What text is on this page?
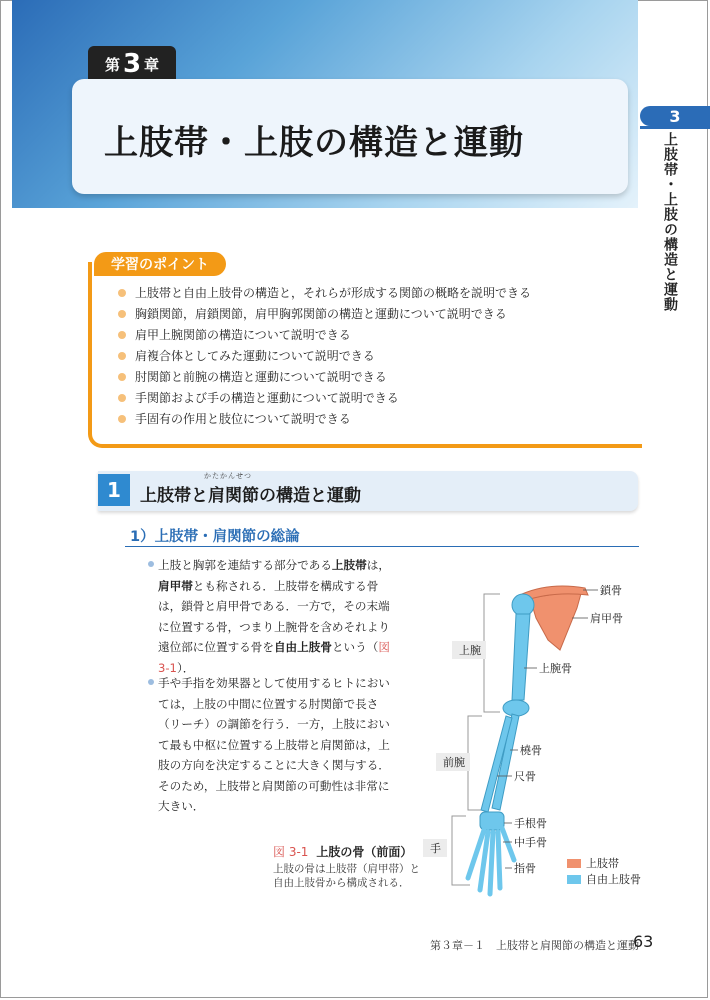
第 3 章
上肢帯・上肢の構造と運動
3
上肢帯・上肢の構造と運動
学習のポイント
上肢帯と自由上肢骨の構造と，それらが形成する関節の概略を説明できる
胸鎖関節，肩鎖関節，肩甲胸郭関節の構造と運動について説明できる
肩甲上腕関節の構造について説明できる
肩複合体としてみた運動について説明できる
肘関節と前腕の構造と運動について説明できる
手関節および手の構造と運動について説明できる
手固有の作用と肢位について説明できる
1
かたかんせつ
上肢帯と肩関節の構造と運動
1）上肢帯・肩関節の総論
上肢と胸郭を連結する部分である上肢帯は，肩甲帯とも称される．上肢帯を構成する骨は，鎖骨と肩甲骨である．一方で，その末端に位置する骨，つまり上腕骨を含めそれより遠位部に位置する骨を自由上肢骨という（図 3-1）．
手や手指を効果器として使用するヒトにおいては，上肢の中間に位置する肘関節で長さ（リーチ）の調節を行う．一方，上肢において最も中枢に位置する上肢帯と肩関節は，上肢の方向を決定することに大きく関与する．そのため，上肢帯と肩関節の可動性は非常に大きい．
上腕
前腕
手
鎖骨
肩甲骨
上腕骨
橈骨
尺骨
手根骨
中手骨
指骨	上肢帯
自由上肢骨
図 3-1 上肢の骨（前面）
上肢の骨は上肢帯（肩甲帯）と自由上肢骨から構成される．
第３章－１　上肢帯と肩関節の構造と運動
63
